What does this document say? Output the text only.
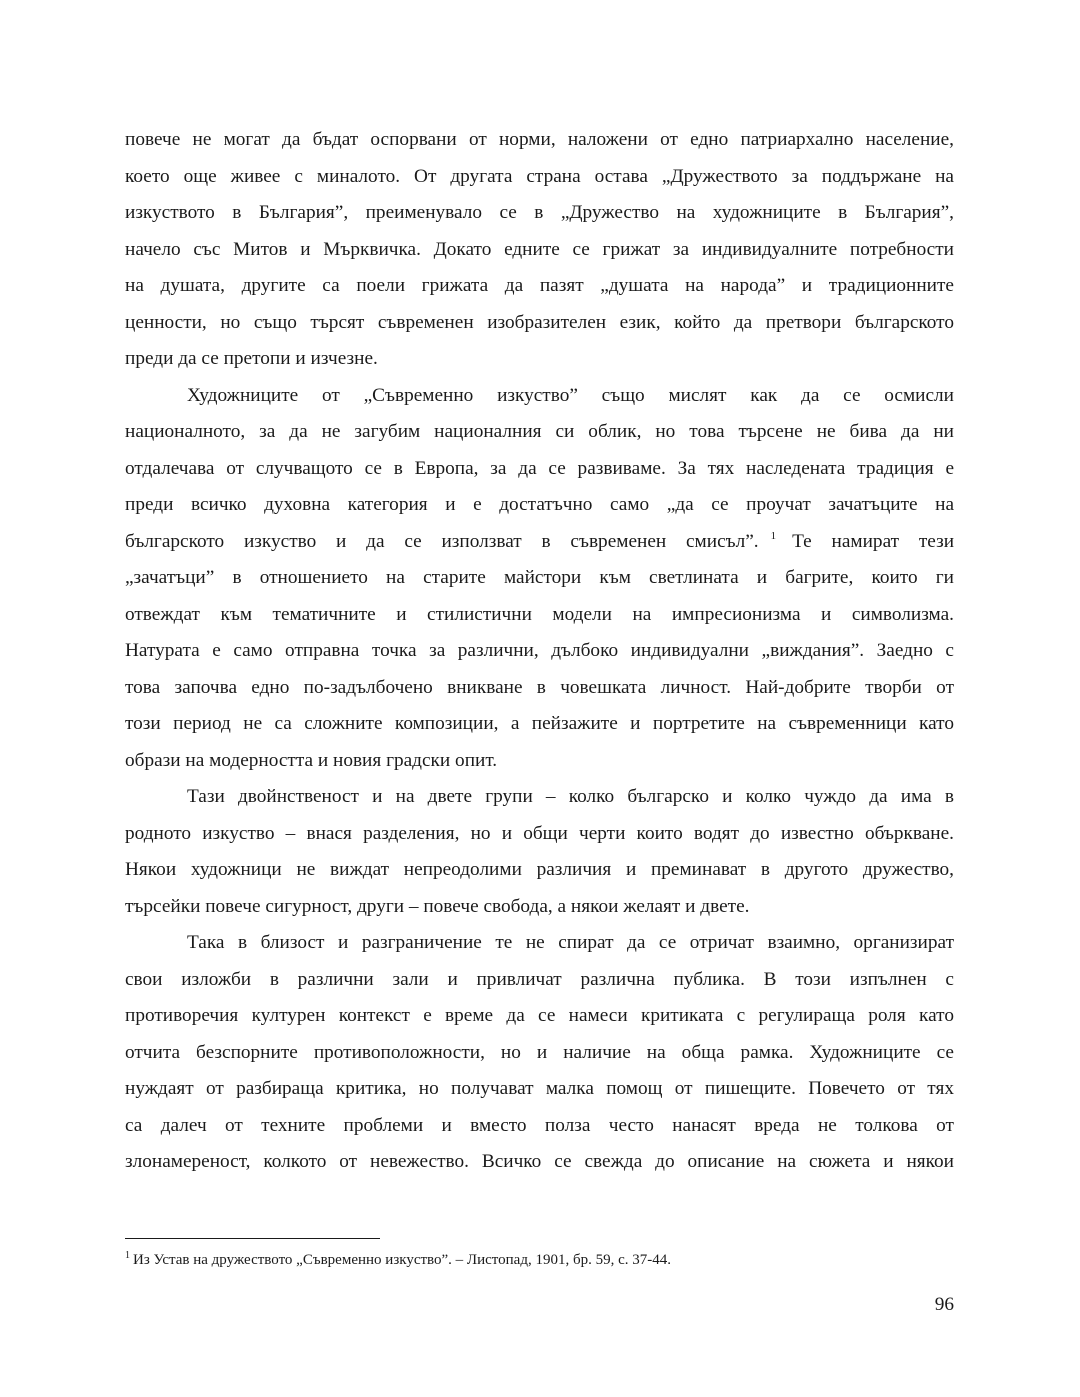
повече не могат да бъдат оспорвани от норми, наложени от едно патриархално население,
което още живее с миналото. От другата страна остава „Дружеството за поддържане на
изкуството в България”, преименувало се в „Дружество на художниците в България”,
начело със Митов и Мърквичка. Докато едните се грижат за индивидуалните потребности
на душата, другите са поели грижата да пазят „душата на народа” и традиционните
ценности, но също търсят съвременен изобразителен език, който да претвори българското
преди да се претопи и изчезне.
Художниците от „Съвременно изкуство” също мислят как да се осмисли
националното, за да не загубим националния си облик, но това търсене не бива да ни
отдалечава от случващото се в Европа, за да се развиваме. За тях наследената традиция е
преди всичко духовна категория и е достатъчно само „да се проучат зачатъците на
българското изкуство и да се използват в съвременен смисъл”. $^1$ Те намират тези
„зачатъци” в отношението на старите майстори към светлината и багрите, които ги
отвеждат към тематичните и стилистични модели на импресионизма и символизма.
Натурата е само отправна точка за различни, дълбоко индивидуални „виждания”. Заедно с
това започва едно по-задълбочено вникване в човешката личност. Най-добрите творби от
този период не са сложните композиции, а пейзажите и портретите на съвременници като
образи на модерността и новия градски опит.
Тази двойнственост и на двете групи – колко българско и колко чуждо да има в
родното изкуство – внася разделения, но и общи черти които водят до известно объркване.
Някои художници не виждат непреодолими различия и преминават в другото дружество,
търсейки повече сигурност, други – повече свобода, а някои желаят и двете.
Така в близост и разграничение те не спират да се отричат взаимно, организират
свои изложби в различни зали и привличат различна публика. В този изпълнен с
противоречия културен контекст е време да се намеси критиката с регулираща роля като
отчита безспорните противоположности, но и наличие на обща рамка. Художниците се
нуждаят от разбираща критика, но получават малка помощ от пишещите. Повечето от тях
са далеч от техните проблеми и вместо полза често нанасят вреда не толкова от
злонамереност, колкото от невежество. Всичко се свежда до описание на сюжета и някои
$^1$ Из Устав на дружеството „Съвременно изкуство”. – Листопад, 1901, бр. 59, с. 37-44.
96
